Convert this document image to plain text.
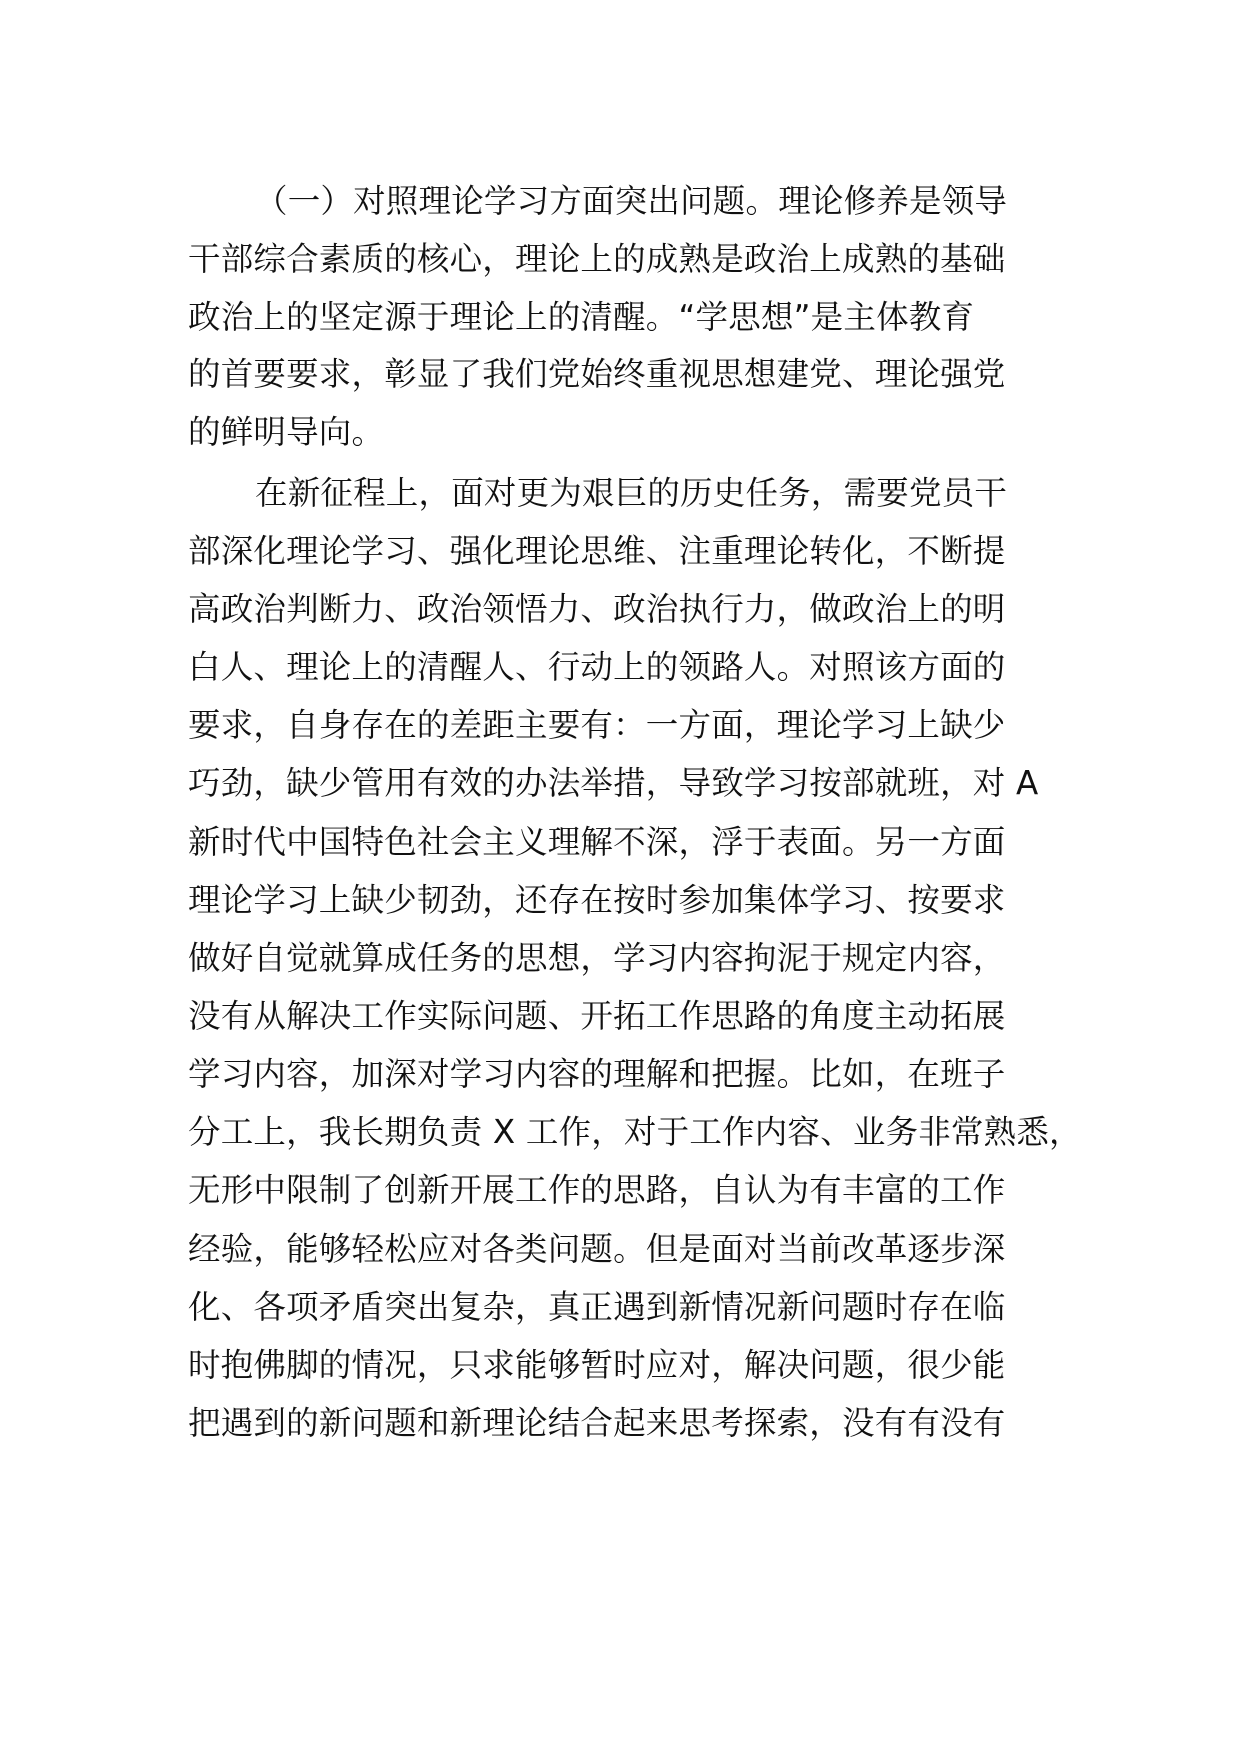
（一）对照理论学习方面突出问题。理论修养是领导

干部综合素质的核心，理论上的成熟是政治上成熟的基础

政治上的坚定源于理论上的清醒。“学思想”是主体教育

的首要要求，彰显了我们党始终重视思想建党、理论强党

的鲜明导向。

在新征程上，面对更为艰巨的历史任务，需要党员干

部深化理论学习、强化理论思维、注重理论转化，不断提

高政治判断力、政治领悟力、政治执行力，做政治上的明

白人、理论上的清醒人、行动上的领路人。对照该方面的

要求，自身存在的差距主要有：一方面，理论学习上缺少

巧劲，缺少管用有效的办法举措，导致学习按部就班，对 A

新时代中国特色社会主义理解不深，浮于表面。另一方面

理论学习上缺少韧劲，还存在按时参加集体学习、按要求

做好自觉就算成任务的思想，学习内容拘泥于规定内容，

没有从解决工作实际问题、开拓工作思路的角度主动拓展

学习内容，加深对学习内容的理解和把握。比如，在班子

分工上，我长期负责 X 工作，对于工作内容、业务非常熟悉，

无形中限制了创新开展工作的思路，自认为有丰富的工作

经验，能够轻松应对各类问题。但是面对当前改革逐步深

化、各项矛盾突出复杂，真正遇到新情况新问题时存在临

时抱佛脚的情况，只求能够暂时应对，解决问题，很少能

把遇到的新问题和新理论结合起来思考探索，没有有没有
